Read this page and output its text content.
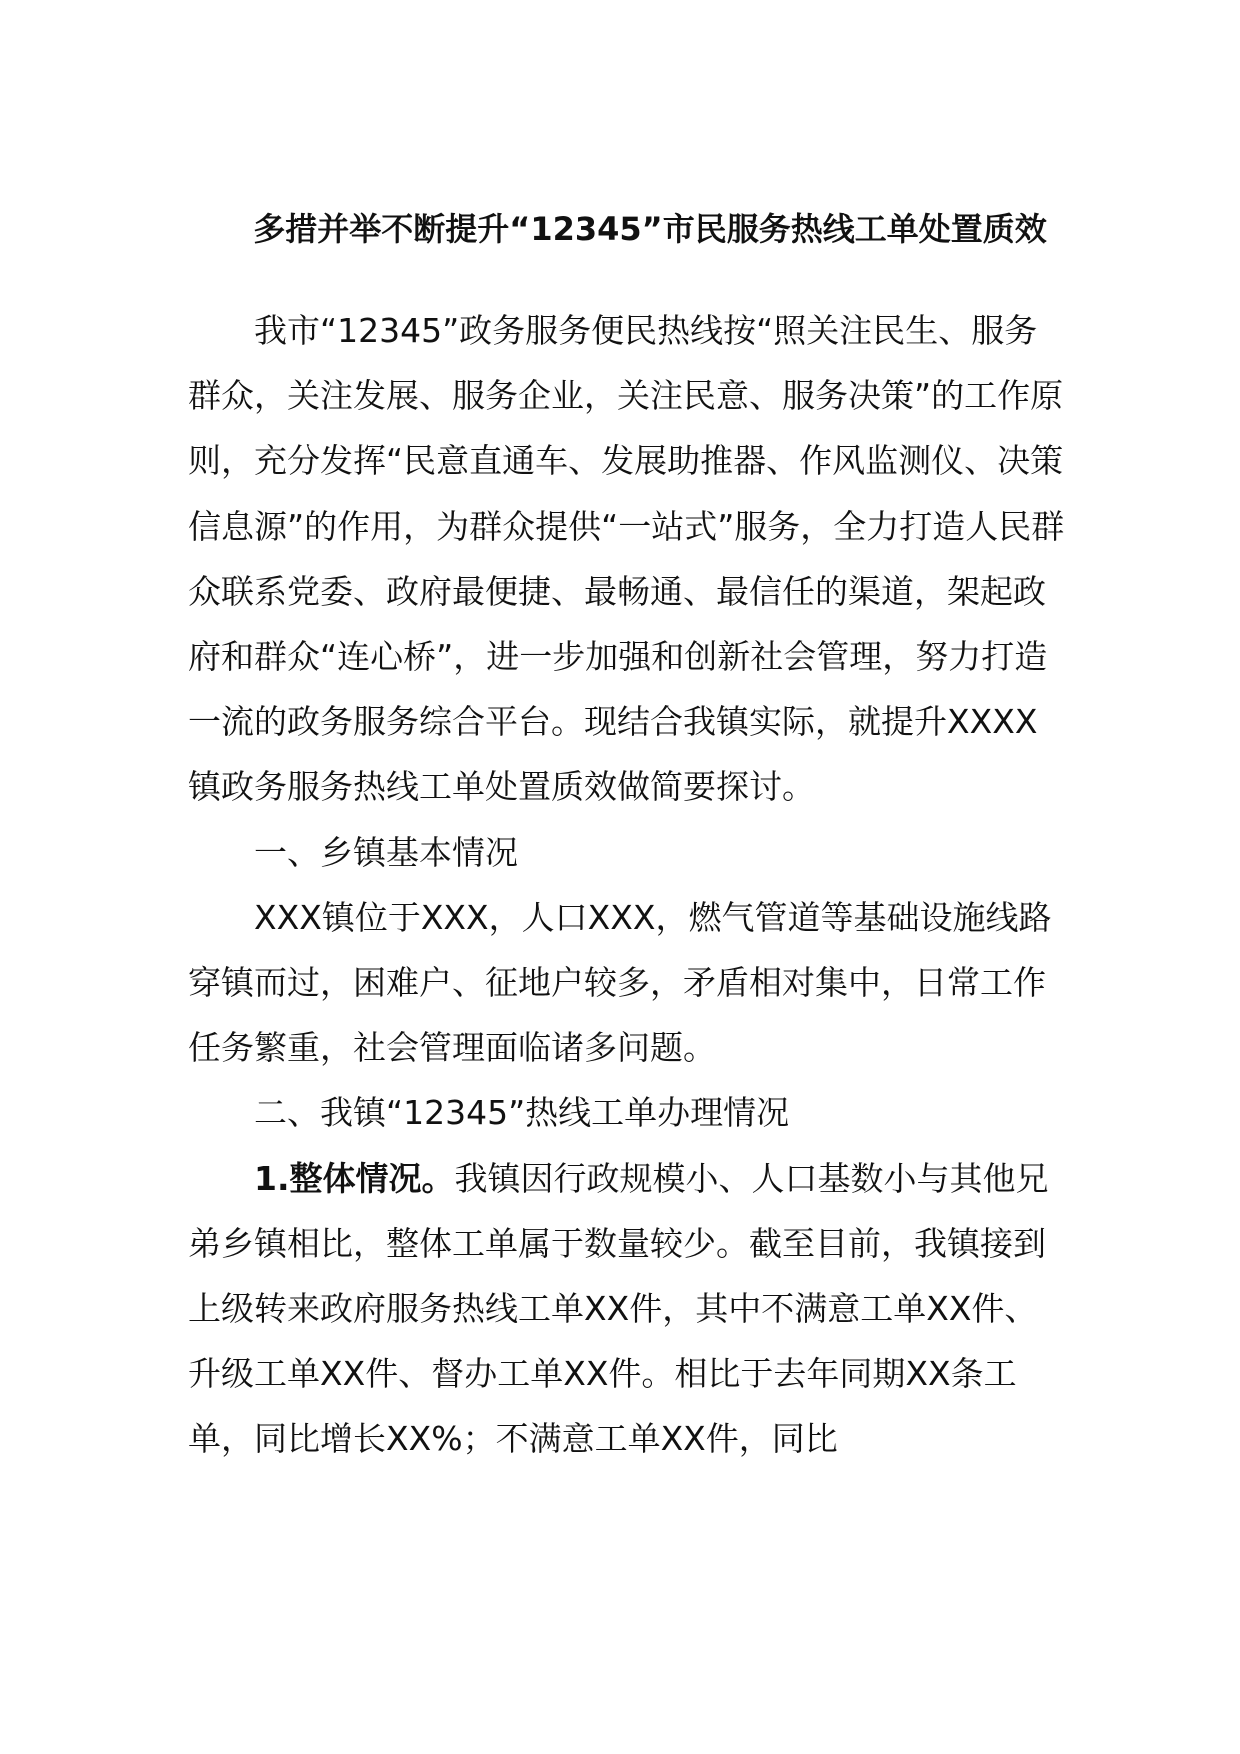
多措并举不断提升“12345”市民服务热线工单处置质效

我市“12345”政务服务便民热线按“照关注民生、服务群众，关注发展、服务企业，关注民意、服务决策”的工作原则，充分发挥“民意直通车、发展助推器、作风监测仪、决策信息源”的作用，为群众提供“一站式”服务，全力打造人民群众联系党委、政府最便捷、最畅通、最信任的渠道，架起政府和群众“连心桥”，进一步加强和创新社会管理，努力打造一流的政务服务综合平台。现结合我镇实际，就提升XXXX镇政务服务热线工单处置质效做简要探讨。

一、乡镇基本情况

XXX镇位于XXX，人口XXX，燃气管道等基础设施线路穿镇而过，困难户、征地户较多，矛盾相对集中，日常工作任务繁重，社会管理面临诸多问题。

二、我镇“12345”热线工单办理情况

1.整体情况。我镇因行政规模小、人口基数小与其他兄弟乡镇相比，整体工单属于数量较少。截至目前，我镇接到上级转来政府服务热线工单XX件，其中不满意工单XX件、升级工单XX件、督办工单XX件。相比于去年同期XX条工单，同比增长XX%；不满意工单XX件，同比
